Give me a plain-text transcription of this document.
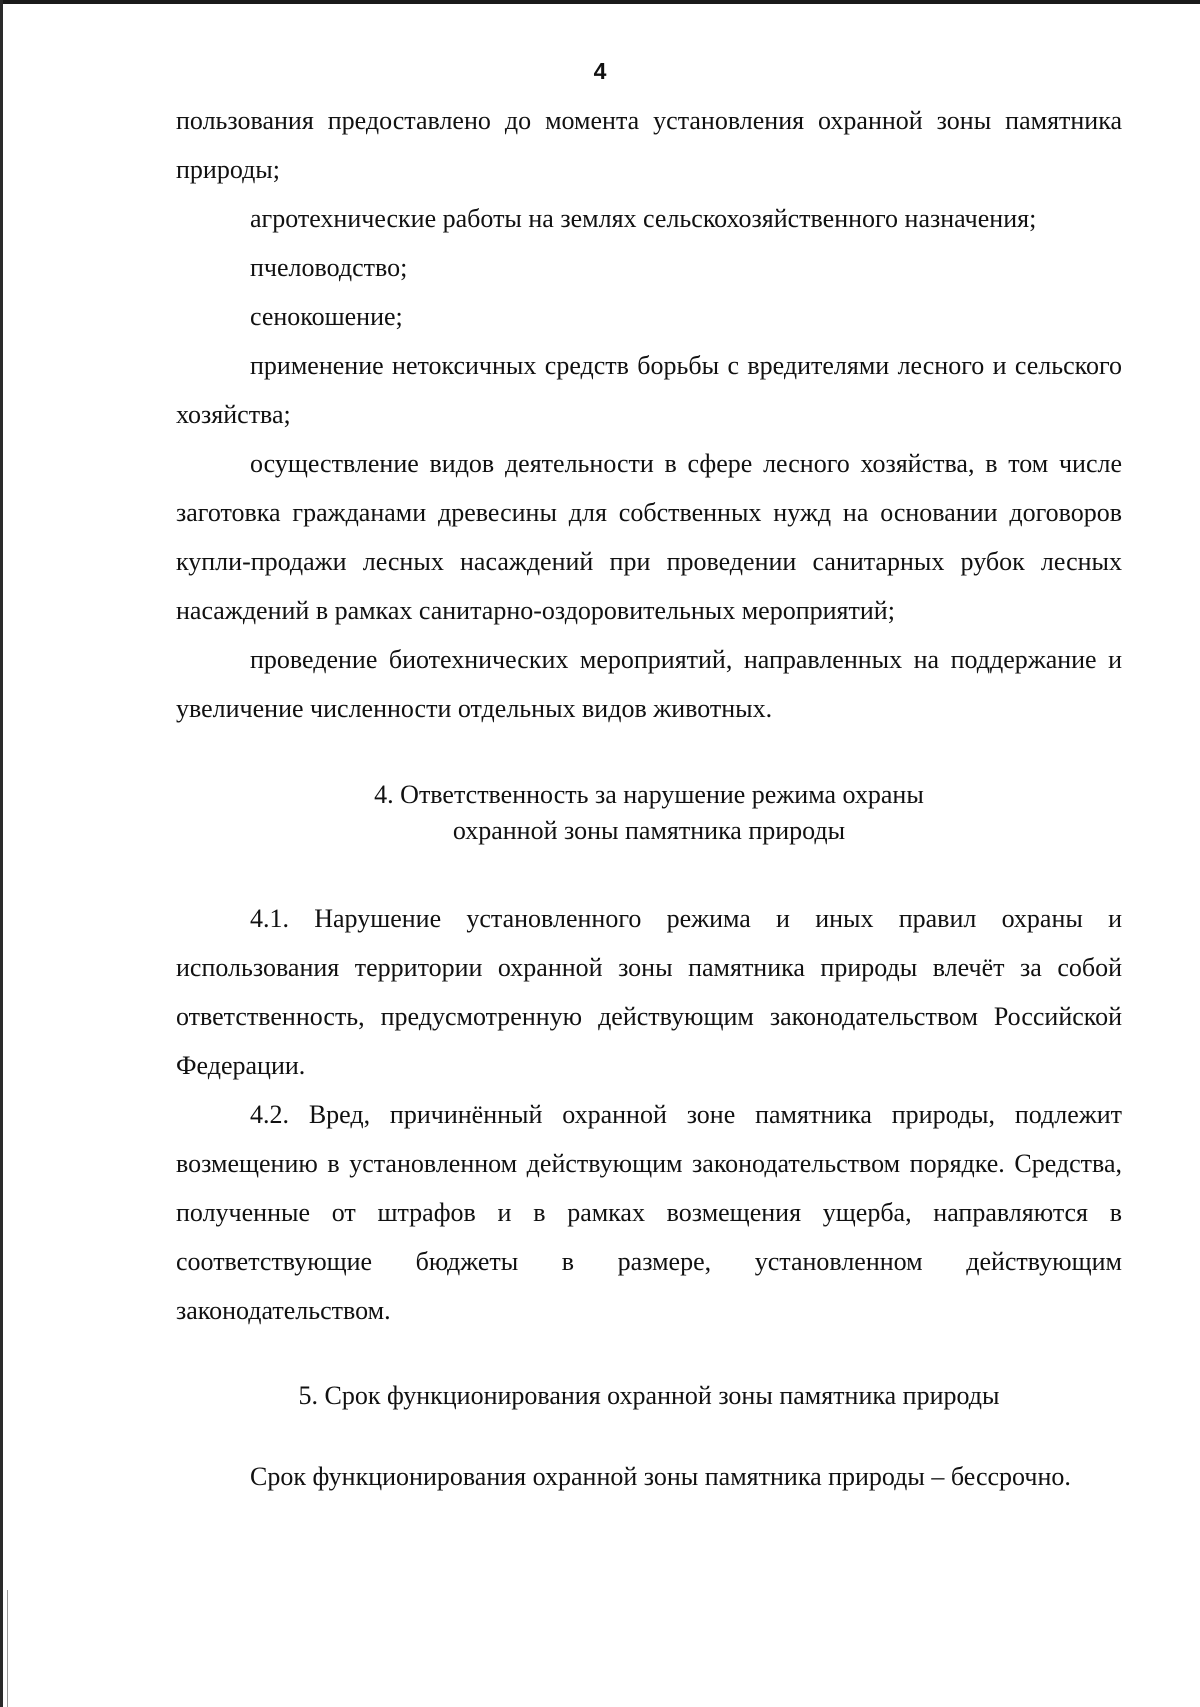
4

пользования предоставлено до момента установления охранной зоны памятника природы;

агротехнические работы на землях сельскохозяйственного назначения;

пчеловодство;

сенокошение;

применение нетоксичных средств борьбы с вредителями лесного и сельского хозяйства;

осуществление видов деятельности в сфере лесного хозяйства, в том числе заготовка гражданами древесины для собственных нужд на основании договоров купли-продажи лесных насаждений при проведении санитарных рубок лесных насаждений в рамках санитарно-оздоровительных мероприятий;

проведение биотехнических мероприятий, направленных на поддержание и увеличение численности отдельных видов животных.

4. Ответственность за нарушение режима охраны

охранной зоны памятника природы

4.1. Нарушение установленного режима и иных правил охраны и использования территории охранной зоны памятника природы влечёт за собой ответственность, предусмотренную действующим законодательством Российской Федерации.

4.2. Вред, причинённый охранной зоне памятника природы, подлежит возмещению в установленном действующим законодательством порядке. Средства, полученные от штрафов и в рамках возмещения ущерба, направляются в соответствующие бюджеты в размере, установленном действующим законодательством.

5. Срок функционирования охранной зоны памятника природы

Срок функционирования охранной зоны памятника природы – бессрочно.
